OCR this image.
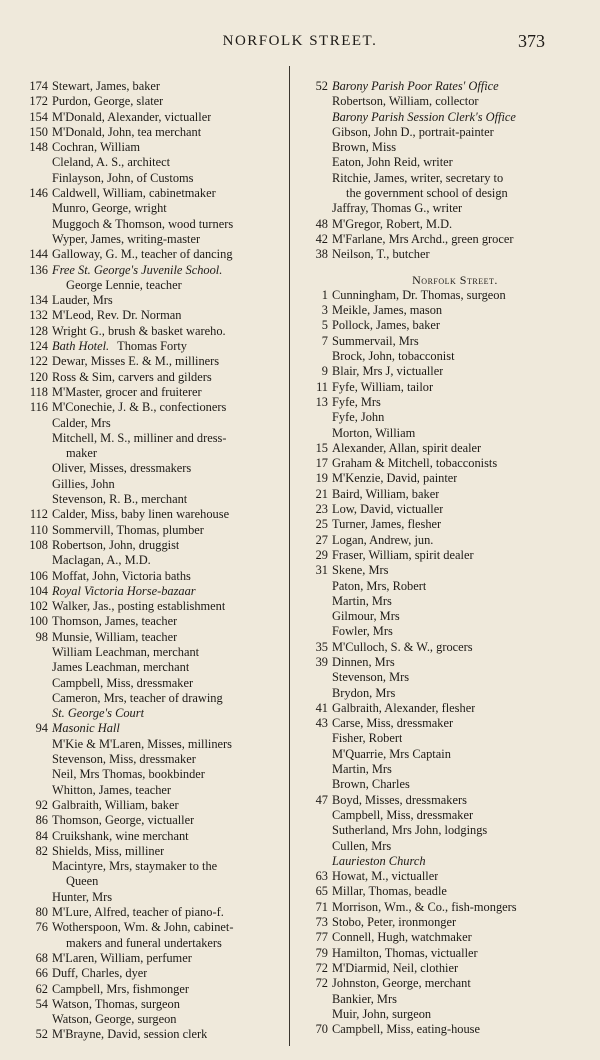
NORFOLK STREET.	373
174 Stewart, James, baker
172 Purdon, George, slater
154 M'Donald, Alexander, victualler
150 M'Donald, John, tea merchant
148 Cochran, William
Cleland, A. S., architect
Finlayson, John, of Customs
146 Caldwell, William, cabinetmaker
Munro, George, wright
Muggoch & Thomson, wood turners
Wyper, James, writing-master
144 Galloway, G. M., teacher of dancing
136 Free St. George's Juvenile School.
George Lennie, teacher
134 Lauder, Mrs
132 M'Leod, Rev. Dr. Norman
128 Wright G., brush & basket wareho.
124 Bath Hotel. Thomas Forty
122 Dewar, Misses E. & M., milliners
120 Ross & Sim, carvers and gilders
118 M'Master, grocer and fruiterer
116 M'Conechie, J. & B., confectioners
Calder, Mrs
Mitchell, M. S., milliner and dress-
maker
Oliver, Misses, dressmakers
Gillies, John
Stevenson, R. B., merchant
112 Calder, Miss, baby linen warehouse
110 Sommervill, Thomas, plumber
108 Robertson, John, druggist
Maclagan, A., M.D.
106 Moffat, John, Victoria baths
104 Royal Victoria Horse-bazaar
102 Walker, Jas., posting establishment
100 Thomson, James, teacher
98 Munsie, William, teacher
William Leachman, merchant
James Leachman, merchant
Campbell, Miss, dressmaker
Cameron, Mrs, teacher of drawing
St. George's Court
94 Masonic Hall
M'Kie & M'Laren, Misses, milliners
Stevenson, Miss, dressmaker
Neil, Mrs Thomas, bookbinder
Whitton, James, teacher
92 Galbraith, William, baker
86 Thomson, George, victualler
84 Cruikshank, wine merchant
82 Shields, Miss, milliner
Macintyre, Mrs, staymaker to the
Queen
Hunter, Mrs
80 M'Lure, Alfred, teacher of piano-f.
76 Wotherspoon, Wm. & John, cabinet-
makers and funeral undertakers
68 M'Laren, William, perfumer
66 Duff, Charles, dyer
62 Campbell, Mrs, fishmonger
54 Watson, Thomas, surgeon
Watson, George, surgeon
52 M'Brayne, David, session clerk
52 Barony Parish Poor Rates' Office
Robertson, William, collector
Barony Parish Session Clerk's Office
Gibson, John D., portrait-painter
Brown, Miss
Eaton, John Reid, writer
Ritchie, James, writer, secretary to
the government school of design
Jaffray, Thomas G., writer
48 M'Gregor, Robert, M.D.
42 M'Farlane, Mrs Archd., green grocer
38 Neilson, T., butcher
Norfolk Street.
1 Cunningham, Dr. Thomas, surgeon
3 Meikle, James, mason
5 Pollock, James, baker
7 Summervail, Mrs
Brock, John, tobacconist
9 Blair, Mrs J, victualler
11 Fyfe, William, tailor
13 Fyfe, Mrs
Fyfe, John
Morton, William
15 Alexander, Allan, spirit dealer
17 Graham & Mitchell, tobacconists
19 M'Kenzie, David, painter
21 Baird, William, baker
23 Low, David, victualler
25 Turner, James, flesher
27 Logan, Andrew, jun.
29 Fraser, William, spirit dealer
31 Skene, Mrs
Paton, Mrs, Robert
Martin, Mrs
Gilmour, Mrs
Fowler, Mrs
35 M'Culloch, S. & W., grocers
39 Dinnen, Mrs
Stevenson, Mrs
Brydon, Mrs
41 Galbraith, Alexander, flesher
43 Carse, Miss, dressmaker
Fisher, Robert
M'Quarrie, Mrs Captain
Martin, Mrs
Brown, Charles
47 Boyd, Misses, dressmakers
Campbell, Miss, dressmaker
Sutherland, Mrs John, lodgings
Cullen, Mrs
Laurieston Church
63 Howat, M., victualler
65 Millar, Thomas, beadle
71 Morrison, Wm., & Co., fish-mongers
73 Stobo, Peter, ironmonger
77 Connell, Hugh, watchmaker
79 Hamilton, Thomas, victualler
72 M'Diarmid, Neil, clothier
72 Johnston, George, merchant
Bankier, Mrs
Muir, John, surgeon
70 Campbell, Miss, eating-house
